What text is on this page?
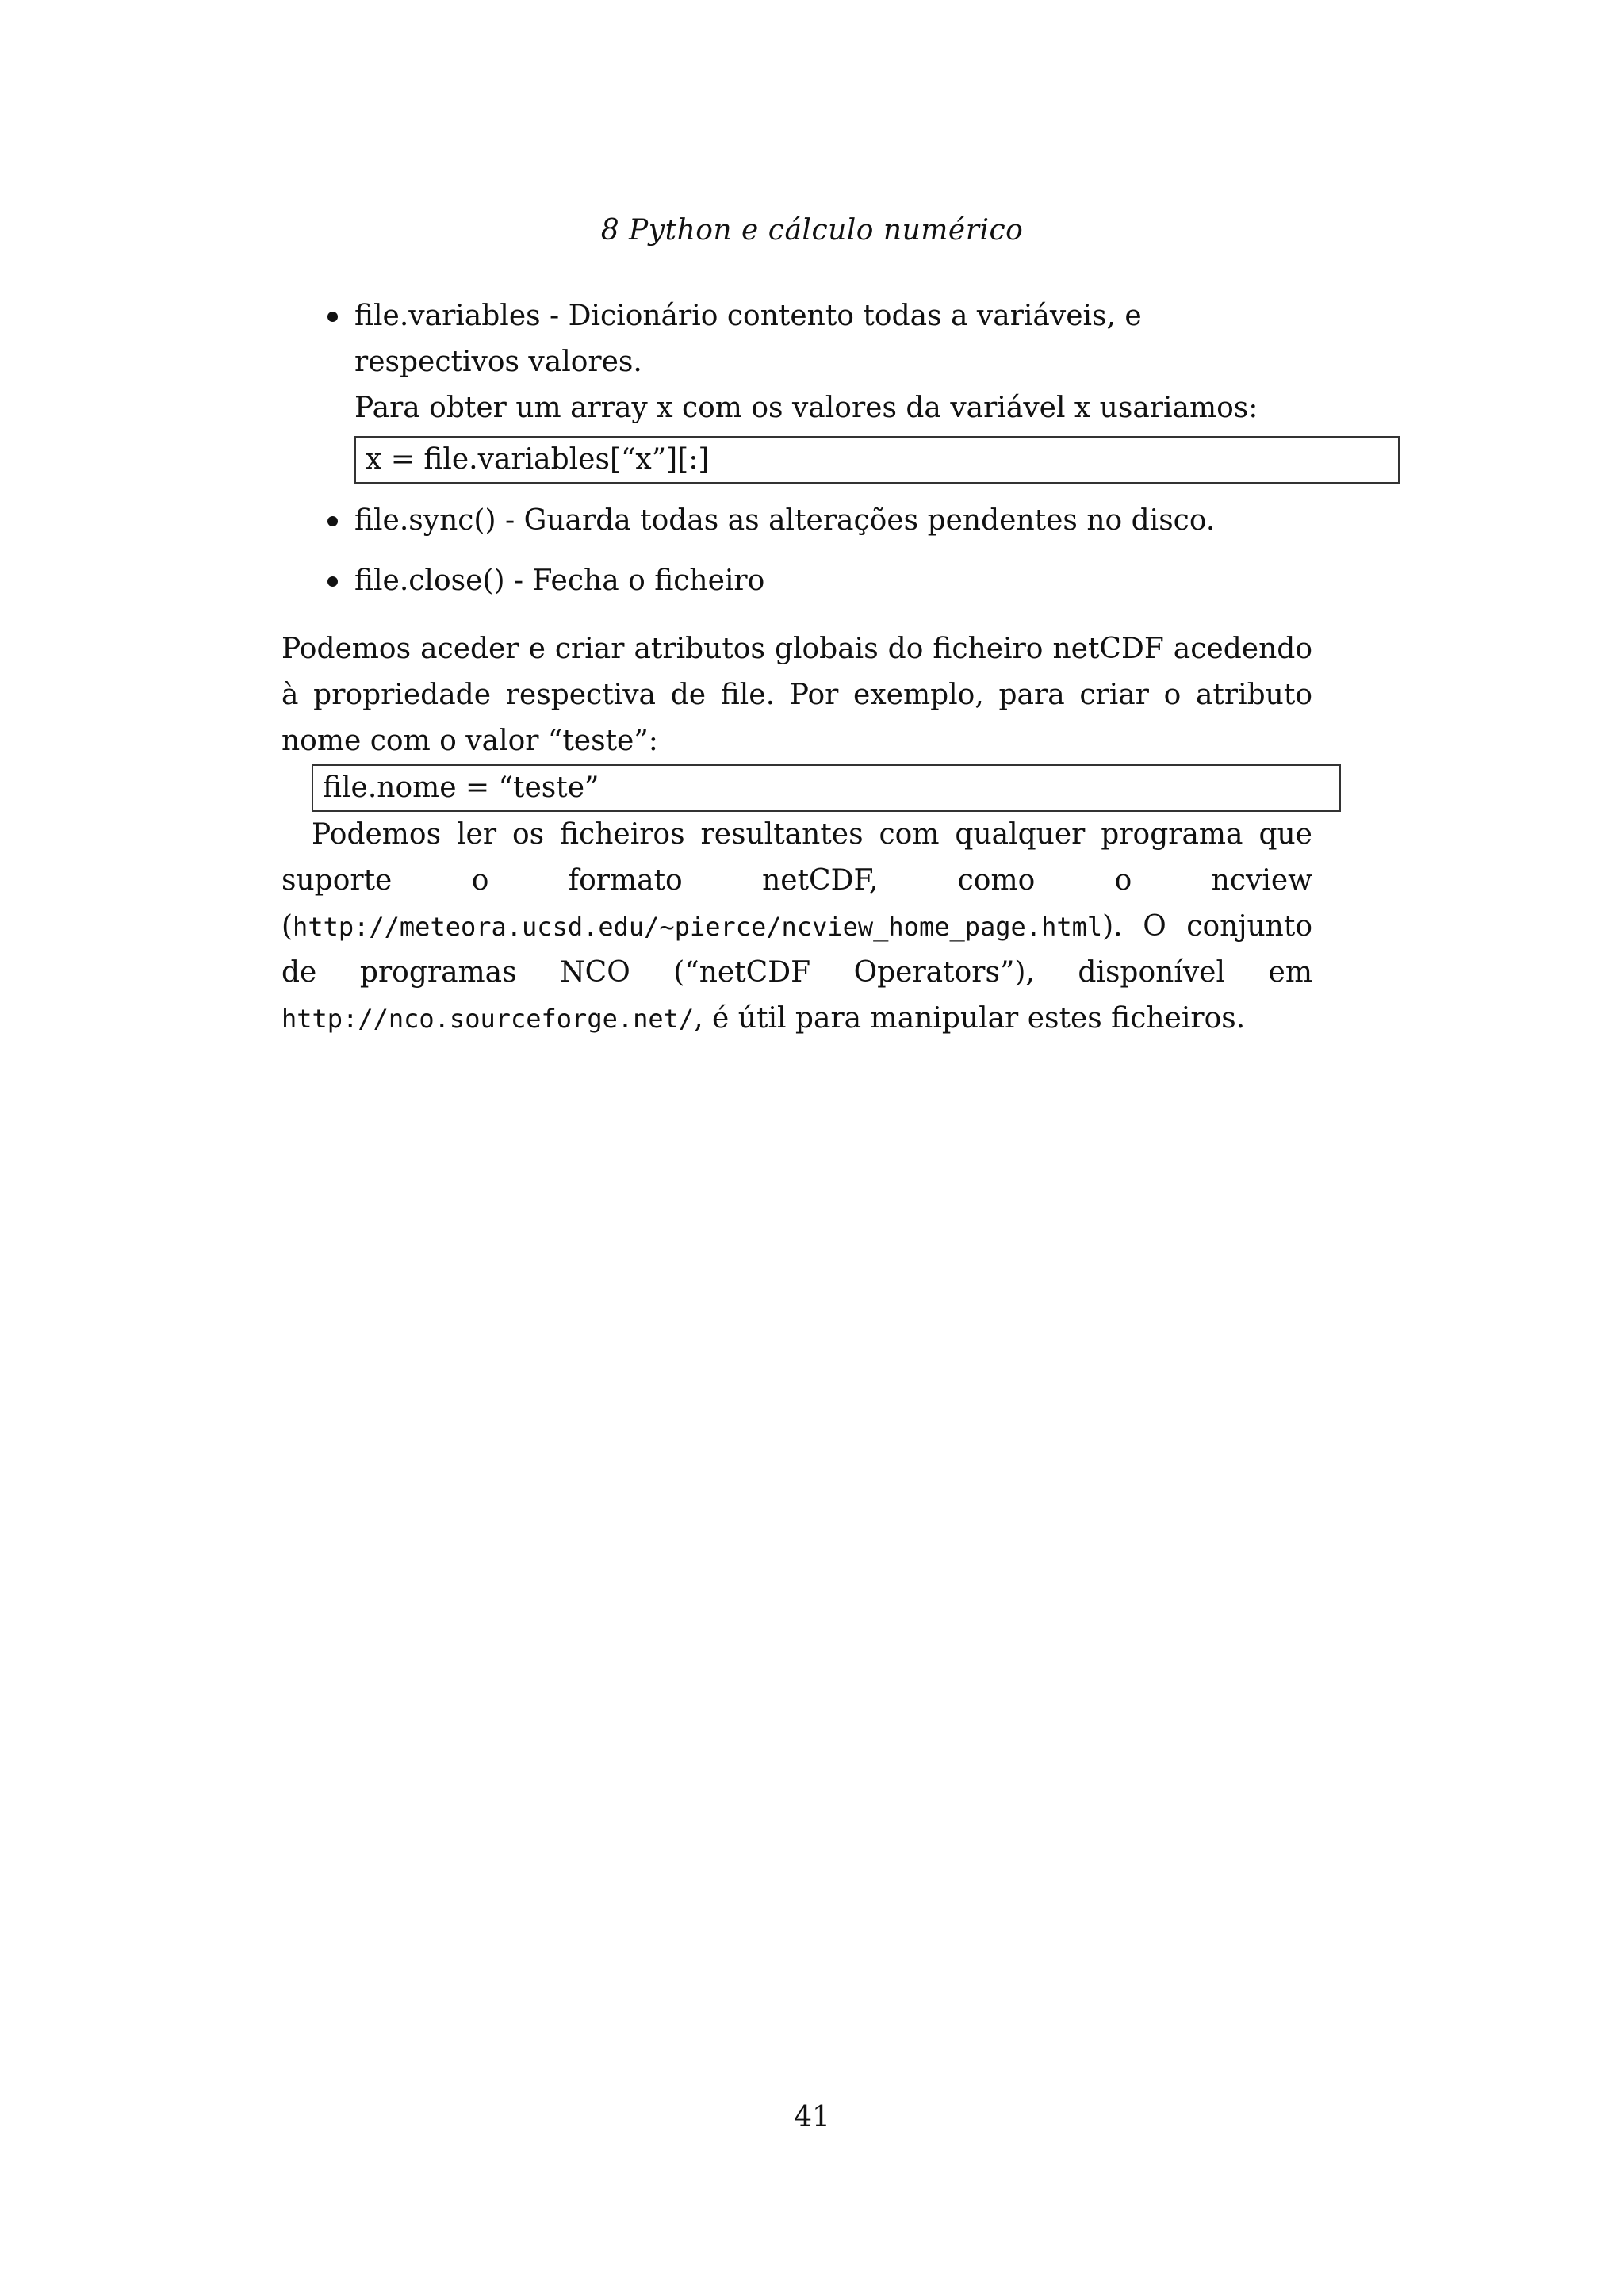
8 Python e cálculo numérico
file.variables - Dicionário contento todas a variáveis, e respectivos valores.
Para obter um array x com os valores da variável x usariamos:
x = file.variables[“x”][:]
file.sync() - Guarda todas as alterações pendentes no disco.
file.close() - Fecha o ficheiro

Podemos aceder e criar atributos globais do ficheiro netCDF acedendo à propriedade respectiva de file. Por exemplo, para criar o atributo nome com o valor “teste”:

file.nome = “teste”

Podemos ler os ficheiros resultantes com qualquer programa que suporte o formato netCDF, como o ncview (http://meteora.ucsd.edu/~pierce/ncview_home_page.html). O conjunto de programas NCO (“netCDF Operators”), disponível em http://nco.sourceforge.net/, é útil para manipular estes ficheiros.

41
